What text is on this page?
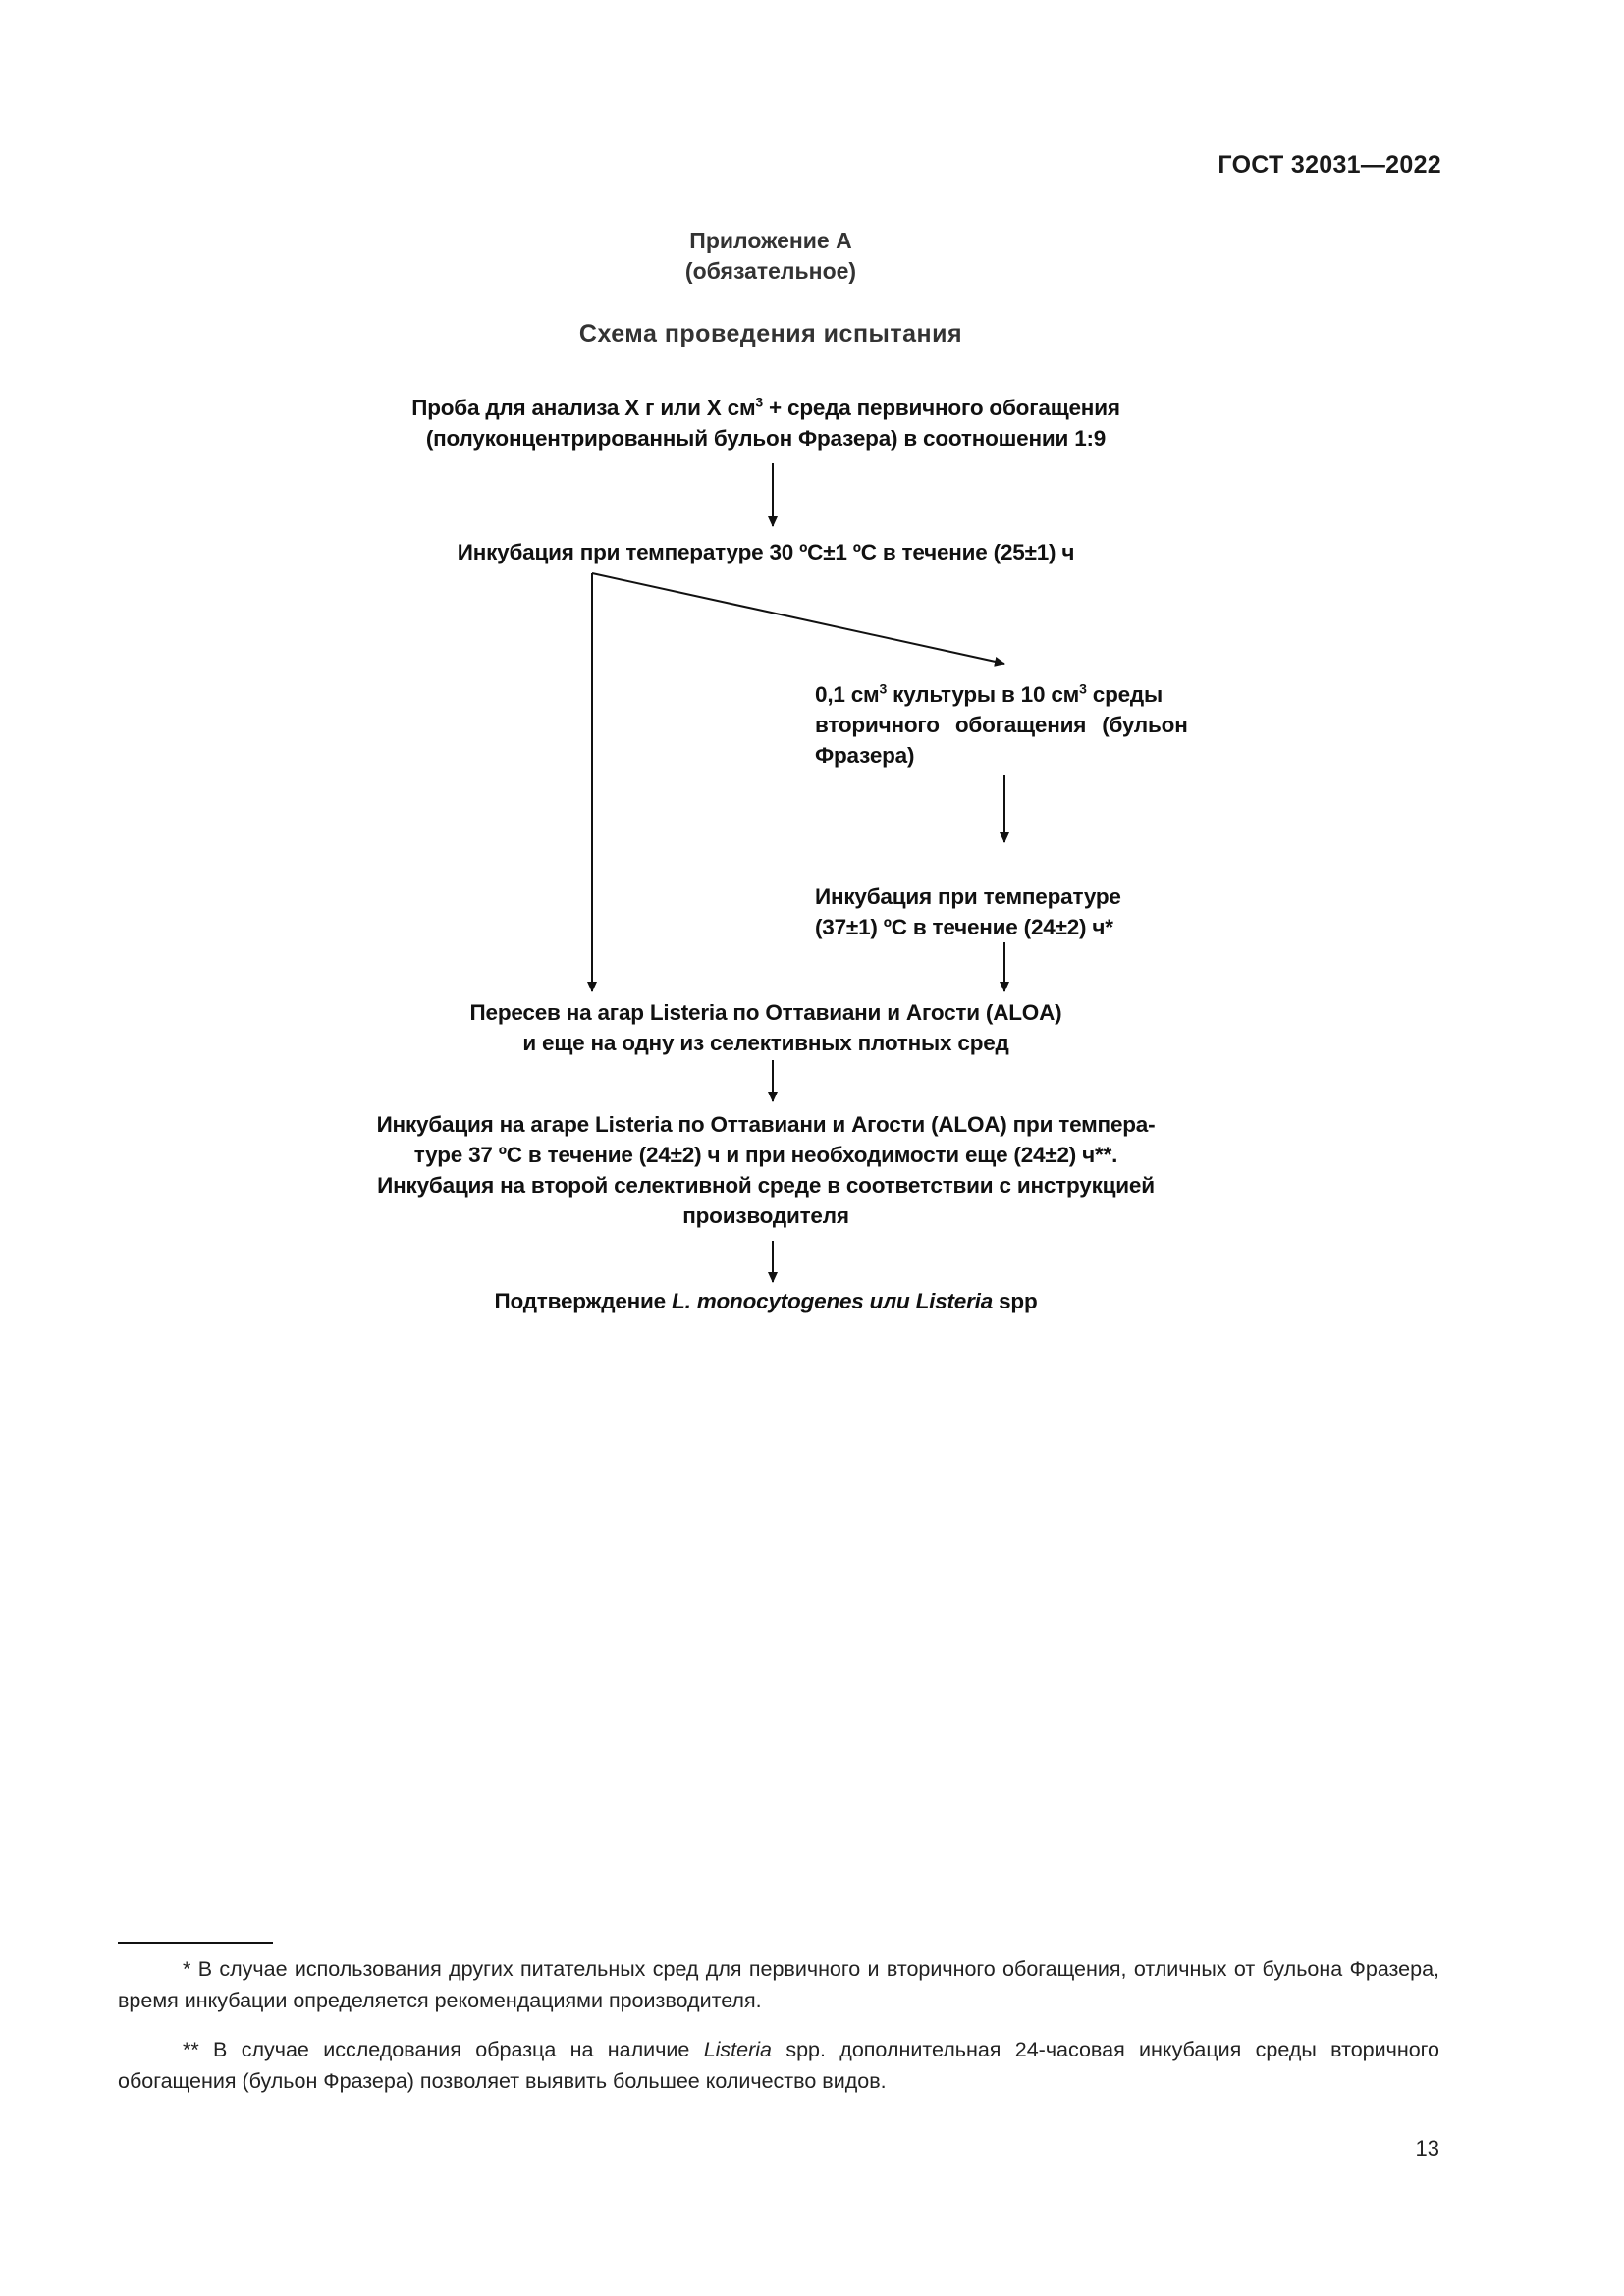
ГОСТ 32031—2022
Приложение А
(обязательное)
Схема проведения испытания
Проба для анализа Х г или Х $см^3$ + среда первичного обогащения
(полуконцентрированный бульон Фразера) в соотношении 1:9
Инкубация при температуре 30 ºС±1 ºС в течение (25±1) ч
0,1 $см^3$ культуры в 10 $см^3$ среды
вторичного обогащения (бульон
Фразера)
Инкубация при температуре
(37±1) ºС в течение (24±2) ч*
Пересев на агар Listeria по Оттавиани и Агости (ALOA)
и еще на одну из селективных плотных сред
Инкубация на агаре Listeria по Оттавиани и Агости (ALOA) при темпера-
туре 37 ºС в течение (24±2) ч и при необходимости еще (24±2) ч**.
Инкубация на второй селективной среде в соответствии с инструкцией
производителя
Подтверждение L. monocytogenes или Listeria spp
* В случае использования других питательных сред для первичного и вторичного обогащения, отличных от бульона Фразера, время инкубации определяется рекомендациями производителя.
** В случае исследования образца на наличие Listeria spp. дополнительная 24-часовая инкубация среды вторичного обогащения (бульон Фразера) позволяет выявить большее количество видов.
13
